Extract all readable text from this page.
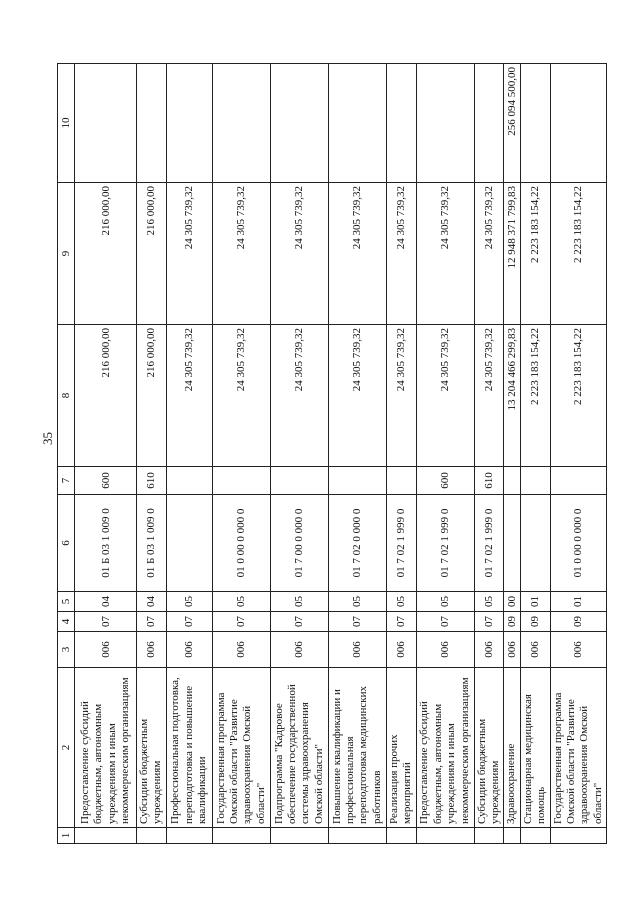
35
1	2	3	4	5	6	7	8	9	10
	Предоставление субсидий бюджетным, автономным учреждениям и иным некоммерческим организациям	006	07	04	01 Б 03 1 009 0	600	216 000,00	216 000,00	
	Субсидии бюджетным учреждениям	006	07	04	01 Б 03 1 009 0	610	216 000,00	216 000,00	
	Профессиональная подготовка, переподготовка и повышение квалификации	006	07	05			24 305 739,32	24 305 739,32	
	Государственная программа Омской области "Развитие здравоохранения Омской области"	006	07	05	01 0 00 0 000 0		24 305 739,32	24 305 739,32	
	Подпрограмма "Кадровое обеспечение государственной системы здравоохранения Омской области"	006	07	05	01 7 00 0 000 0		24 305 739,32	24 305 739,32	
	Повышение квалификации и профессиональная переподготовка медицинских работников	006	07	05	01 7 02 0 000 0		24 305 739,32	24 305 739,32	
	Реализация прочих мероприятий	006	07	05	01 7 02 1 999 0		24 305 739,32	24 305 739,32	
	Предоставление субсидий бюджетным, автономным учреждениям и иным некоммерческим организациям	006	07	05	01 7 02 1 999 0	600	24 305 739,32	24 305 739,32	
	Субсидии бюджетным учреждениям	006	07	05	01 7 02 1 999 0	610	24 305 739,32	24 305 739,32	
	Здравоохранение	006	09	00			13 204 466 299,83	12 948 371 799,83	256 094 500,00
	Стационарная медицинская помощь	006	09	01			2 223 183 154,22	2 223 183 154,22	
	Государственная программа Омской области "Развитие здравоохранения Омской области"	006	09	01	01 0 00 0 000 0		2 223 183 154,22	2 223 183 154,22	
